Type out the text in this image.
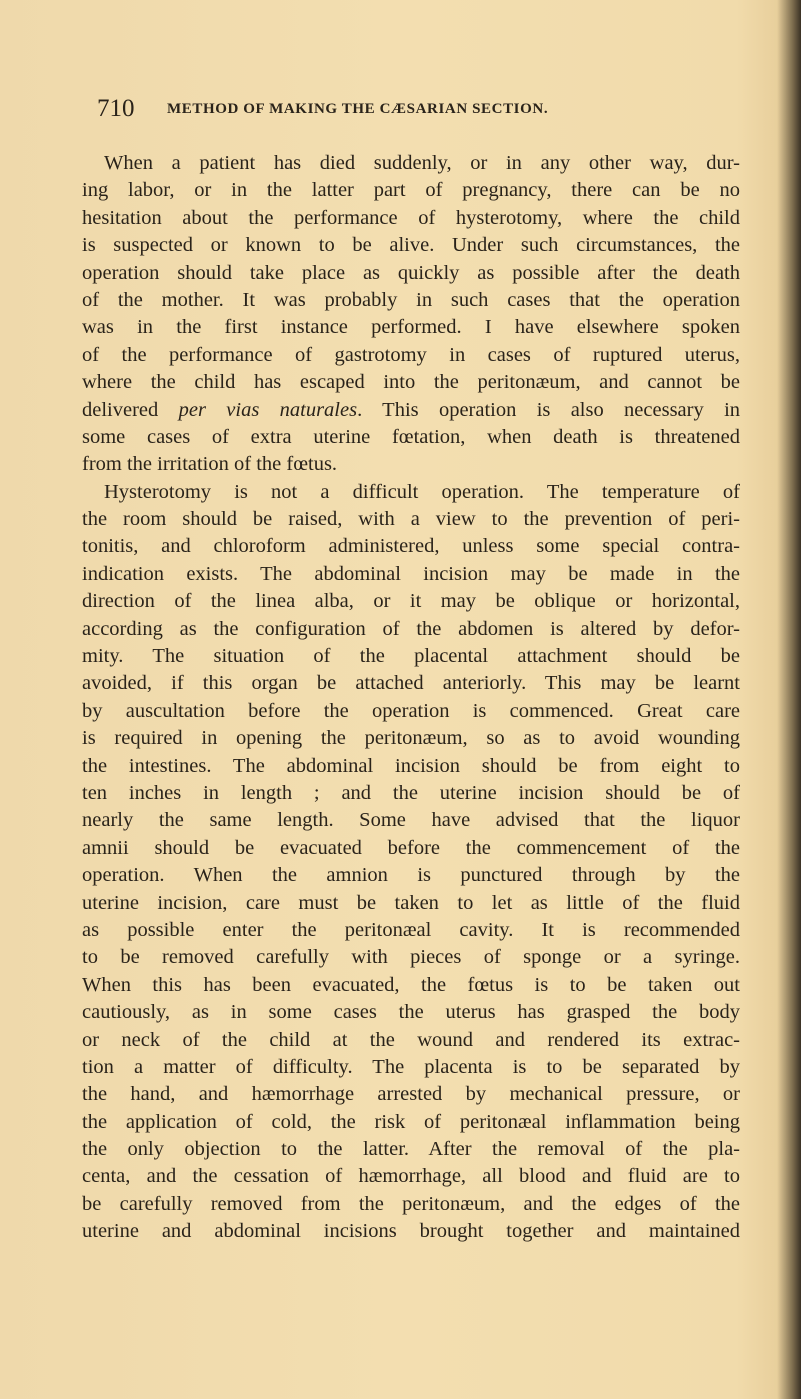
710 METHOD OF MAKING THE CÆSARIAN SECTION.
When a patient has died suddenly, or in any other way, dur-
ing labor, or in the latter part of pregnancy, there can be no
hesitation about the performance of hysterotomy, where the child
is suspected or known to be alive. Under such circumstances, the
operation should take place as quickly as possible after the death
of the mother. It was probably in such cases that the operation
was in the first instance performed. I have elsewhere spoken
of the performance of gastrotomy in cases of ruptured uterus,
where the child has escaped into the peritonæum, and cannot be
delivered per vias naturales. This operation is also necessary in
some cases of extra uterine fœtation, when death is threatened
from the irritation of the fœtus.
Hysterotomy is not a difficult operation. The temperature of
the room should be raised, with a view to the prevention of peri-
tonitis, and chloroform administered, unless some special contra-
indication exists. The abdominal incision may be made in the
direction of the linea alba, or it may be oblique or horizontal,
according as the configuration of the abdomen is altered by defor-
mity. The situation of the placental attachment should be
avoided, if this organ be attached anteriorly. This may be learnt
by auscultation before the operation is commenced. Great care
is required in opening the peritonæum, so as to avoid wounding
the intestines. The abdominal incision should be from eight to
ten inches in length ; and the uterine incision should be of
nearly the same length. Some have advised that the liquor
amnii should be evacuated before the commencement of the
operation. When the amnion is punctured through by the
uterine incision, care must be taken to let as little of the fluid
as possible enter the peritonæal cavity. It is recommended
to be removed carefully with pieces of sponge or a syringe.
When this has been evacuated, the fœtus is to be taken out
cautiously, as in some cases the uterus has grasped the body
or neck of the child at the wound and rendered its extrac-
tion a matter of difficulty. The placenta is to be separated by
the hand, and hæmorrhage arrested by mechanical pressure, or
the application of cold, the risk of peritonæal inflammation being
the only objection to the latter. After the removal of the pla-
centa, and the cessation of hæmorrhage, all blood and fluid are to
be carefully removed from the peritonæum, and the edges of the
uterine and abdominal incisions brought together and maintained
